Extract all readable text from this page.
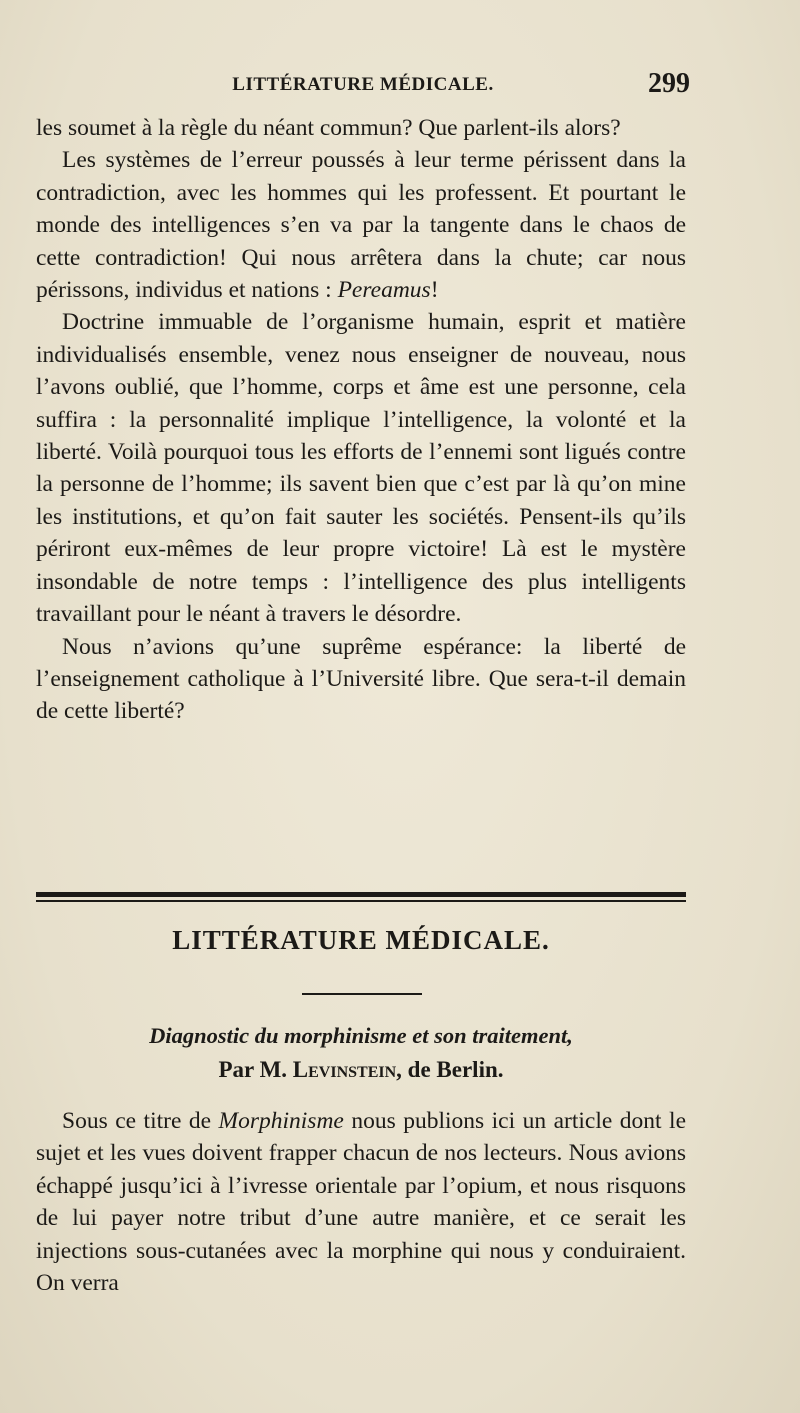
LITTÉRATURE MÉDICALE.	299

les soumet à la règle du néant commun? Que parlent-ils alors?

Les systèmes de l’erreur poussés à leur terme périssent dans la contradiction, avec les hommes qui les professent. Et pourtant le monde des intelligences s’en va par la tangente dans le chaos de cette contradiction! Qui nous arrêtera dans la chute; car nous périssons, individus et nations : Pereamus!

Doctrine immuable de l’organisme humain, esprit et matière individualisés ensemble, venez nous enseigner de nouveau, nous l’avons oublié, que l’homme, corps et âme est une personne, cela suffira : la personnalité implique l’intelligence, la volonté et la liberté. Voilà pourquoi tous les efforts de l’ennemi sont ligués contre la personne de l’homme; ils savent bien que c’est par là qu’on mine les institutions, et qu’on fait sauter les sociétés. Pensent-ils qu’ils périront eux-mêmes de leur propre victoire! Là est le mystère insondable de notre temps : l’intelligence des plus intelligents travaillant pour le néant à travers le désordre.

Nous n’avions qu’une suprême espérance: la liberté de l’enseignement catholique à l’Université libre. Que sera-t-il demain de cette liberté?

LITTÉRATURE MÉDICALE.
Diagnostic du morphinisme et son traitement,
Par M. Levinstein, de Berlin.

Sous ce titre de Morphinisme nous publions ici un article dont le sujet et les vues doivent frapper chacun de nos lecteurs. Nous avions échappé jusqu’ici à l’ivresse orientale par l’opium, et nous risquons de lui payer notre tribut d’une autre manière, et ce serait les injections sous-cutanées avec la morphine qui nous y conduiraient. On verra
